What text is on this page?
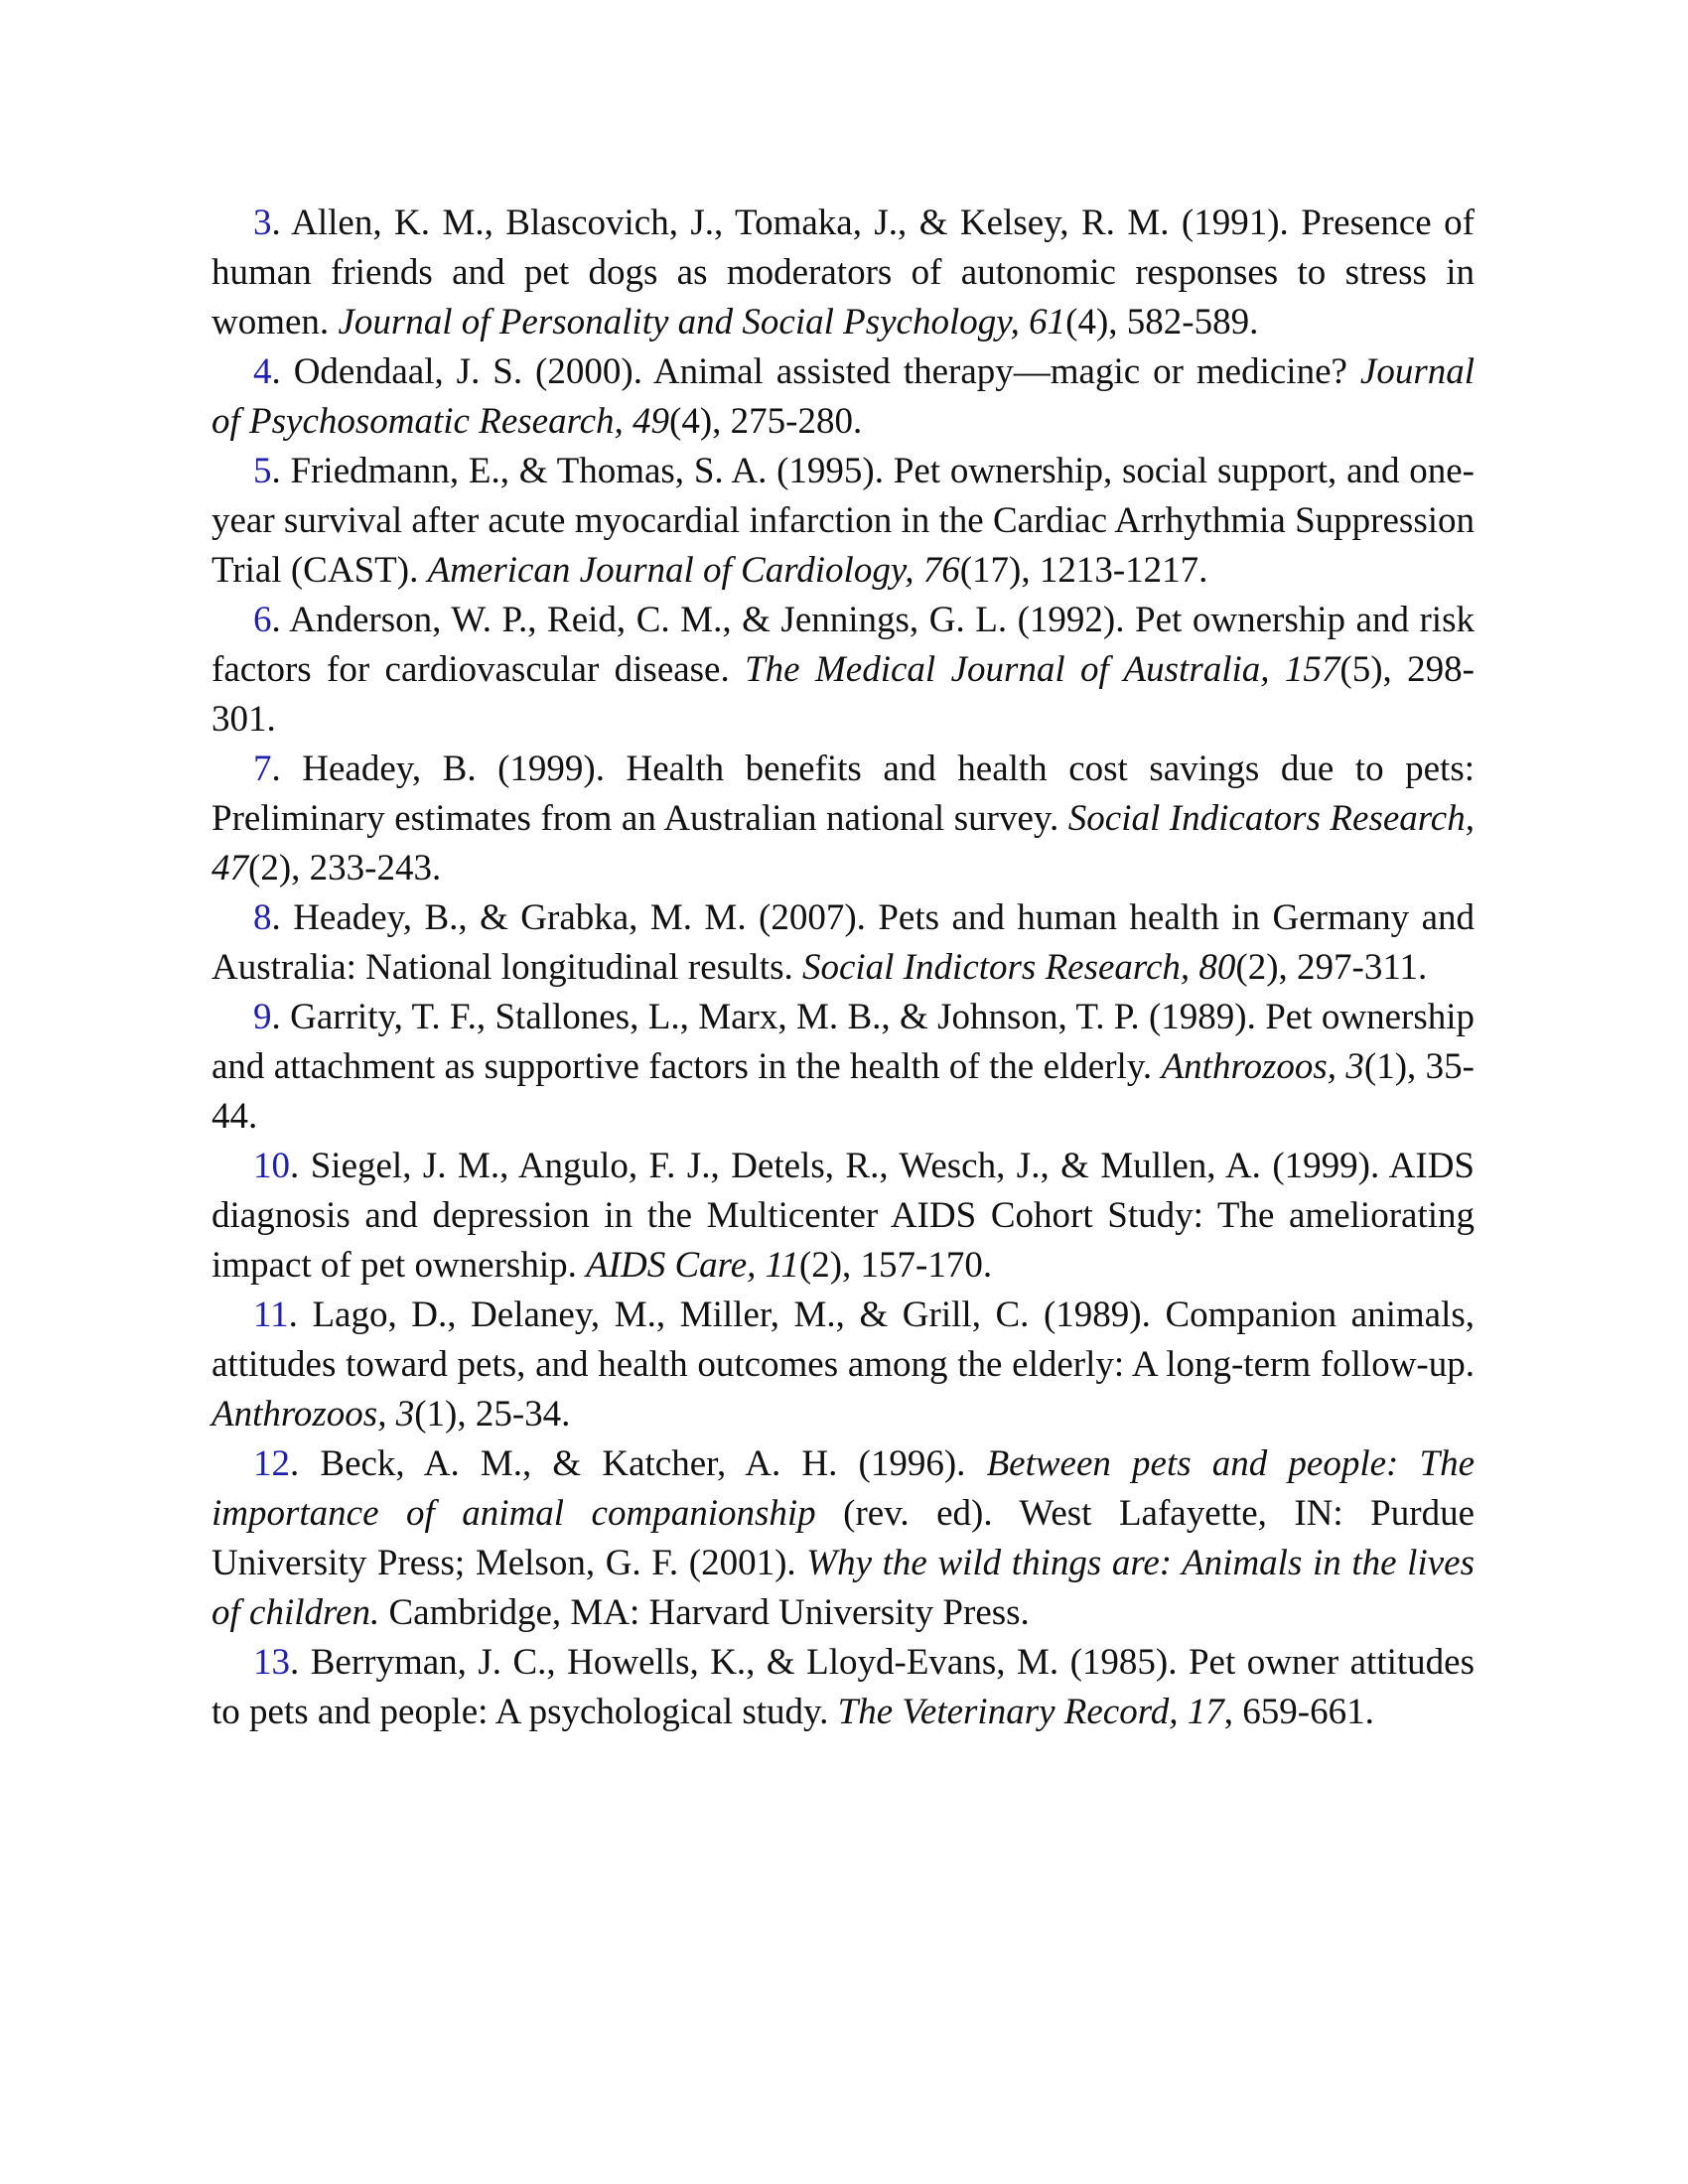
3. Allen, K. M., Blascovich, J., Tomaka, J., & Kelsey, R. M. (1991). Presence of human friends and pet dogs as moderators of autonomic responses to stress in women. Journal of Personality and Social Psychology, 61(4), 582-589.

4. Odendaal, J. S. (2000). Animal assisted therapy—magic or medicine? Journal of Psychosomatic Research, 49(4), 275-280.

5. Friedmann, E., & Thomas, S. A. (1995). Pet ownership, social support, and one-year survival after acute myocardial infarction in the Cardiac Arrhythmia Suppression Trial (CAST). American Journal of Cardiology, 76(17), 1213-1217.

6. Anderson, W. P., Reid, C. M., & Jennings, G. L. (1992). Pet ownership and risk factors for cardiovascular disease. The Medical Journal of Australia, 157(5), 298-301.

7. Headey, B. (1999). Health benefits and health cost savings due to pets: Preliminary estimates from an Australian national survey. Social Indicators Research, 47(2), 233-243.

8. Headey, B., & Grabka, M. M. (2007). Pets and human health in Germany and Australia: National longitudinal results. Social Indictors Research, 80(2), 297-311.

9. Garrity, T. F., Stallones, L., Marx, M. B., & Johnson, T. P. (1989). Pet ownership and attachment as supportive factors in the health of the elderly. Anthrozoos, 3(1), 35-44.

10. Siegel, J. M., Angulo, F. J., Detels, R., Wesch, J., & Mullen, A. (1999). AIDS diagnosis and depression in the Multicenter AIDS Cohort Study: The ameliorating impact of pet ownership. AIDS Care, 11(2), 157-170.

11. Lago, D., Delaney, M., Miller, M., & Grill, C. (1989). Companion animals, attitudes toward pets, and health outcomes among the elderly: A long-term follow-up. Anthrozoos, 3(1), 25-34.

12. Beck, A. M., & Katcher, A. H. (1996). Between pets and people: The importance of animal companionship (rev. ed). West Lafayette, IN: Purdue University Press; Melson, G. F. (2001). Why the wild things are: Animals in the lives of children. Cambridge, MA: Harvard University Press.

13. Berryman, J. C., Howells, K., & Lloyd-Evans, M. (1985). Pet owner attitudes to pets and people: A psychological study. The Veterinary Record, 17, 659-661.
